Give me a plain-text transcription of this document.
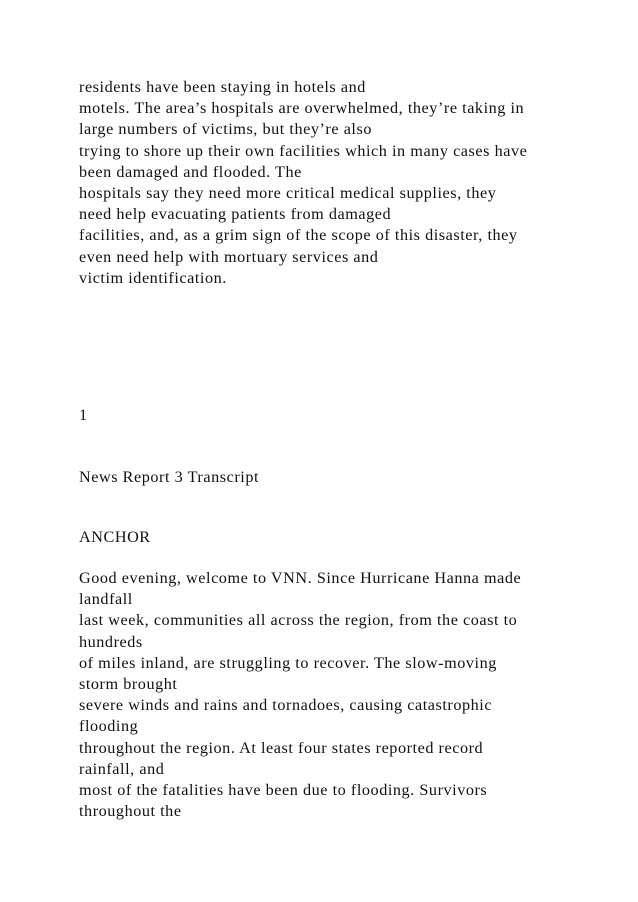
residents have been staying in hotels and
motels. The area’s hospitals are overwhelmed, they’re taking in
large numbers of victims, but they’re also
trying to shore up their own facilities which in many cases have
been damaged and flooded. The
hospitals say they need more critical medical supplies, they
need help evacuating patients from damaged
facilities, and, as a grim sign of the scope of this disaster, they
even need help with mortuary services and
victim identification.
1
News Report 3 Transcript
ANCHOR
Good evening, welcome to VNN. Since Hurricane Hanna made
landfall
last week, communities all across the region, from the coast to
hundreds
of miles inland, are struggling to recover. The slow-moving
storm brought
severe winds and rains and tornadoes, causing catastrophic
flooding
throughout the region. At least four states reported record
rainfall, and
most of the fatalities have been due to flooding. Survivors
throughout the
